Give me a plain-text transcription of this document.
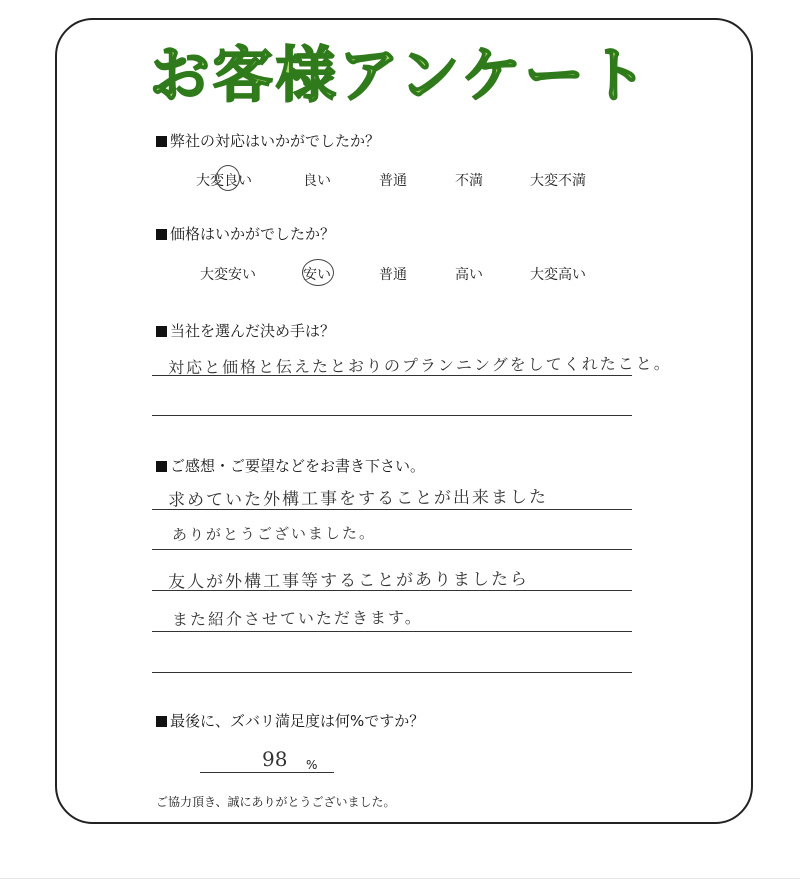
お客様アンケート
弊社の対応はいかがでしたか？
大変良い	良い	普通	不満	大変不満
価格はいかがでしたか？
大変安い	安い	普通	高い	大変高い
当社を選んだ決め手は？
対応と価格と伝えたとおりのプランニングをしてくれたこと。
ご感想・ご要望などをお書き下さい。
求めていた外構工事をすることが出来ました
ありがとうございました。
友人が外構工事等することがありましたら
また紹介させていただきます。
最後に、ズバリ満足度は何%ですか？
98 %
ご協力頂き、誠にありがとうございました。
